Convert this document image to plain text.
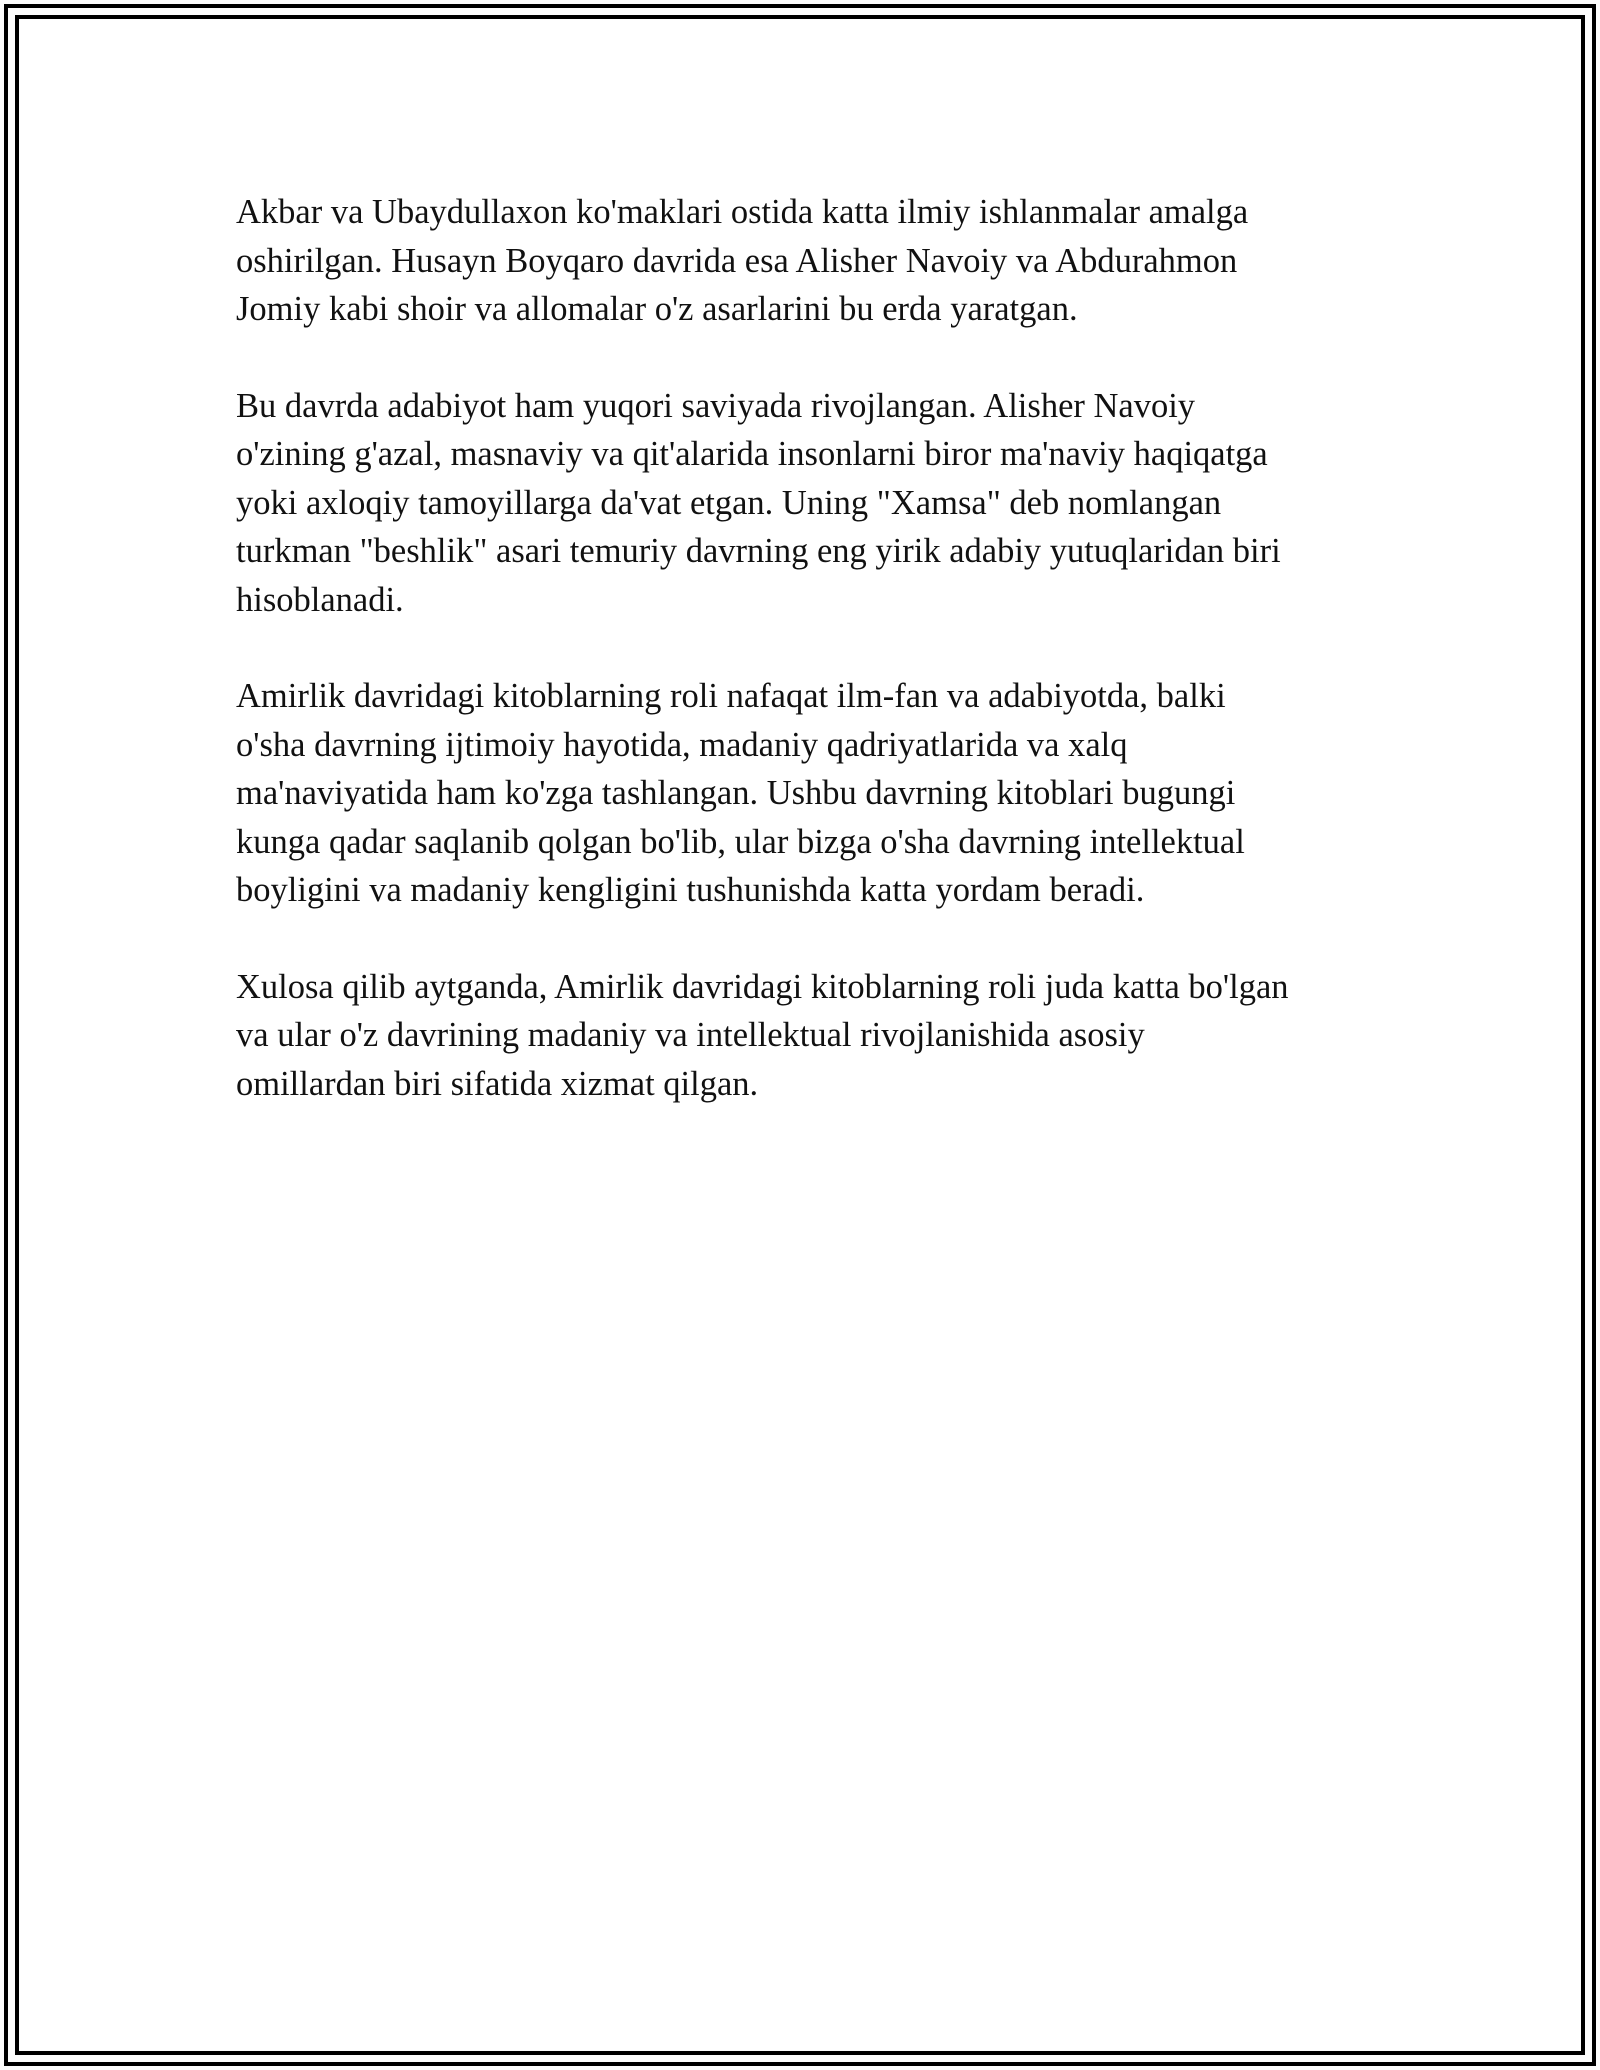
Akbar va Ubaydullaxon ko'maklari ostida katta ilmiy ishlanmalar amalga
oshirilgan. Husayn Boyqaro davrida esa Alisher Navoiy va Abdurahmon
Jomiy kabi shoir va allomalar o'z asarlarini bu erda yaratgan.

Bu davrda adabiyot ham yuqori saviyada rivojlangan. Alisher Navoiy
o'zining g'azal, masnaviy va qit'alarida insonlarni biror ma'naviy haqiqatga
yoki axloqiy tamoyillarga da'vat etgan. Uning "Xamsa" deb nomlangan
turkman "beshlik" asari temuriy davrning eng yirik adabiy yutuqlaridan biri
hisoblanadi.

Amirlik davridagi kitoblarning roli nafaqat ilm-fan va adabiyotda, balki
o'sha davrning ijtimoiy hayotida, madaniy qadriyatlarida va xalq
ma'naviyatida ham ko'zga tashlangan. Ushbu davrning kitoblari bugungi
kunga qadar saqlanib qolgan bo'lib, ular bizga o'sha davrning intellektual
boyligini va madaniy kengligini tushunishda katta yordam beradi.

Xulosa qilib aytganda, Amirlik davridagi kitoblarning roli juda katta bo'lgan
va ular o'z davrining madaniy va intellektual rivojlanishida asosiy
omillardan biri sifatida xizmat qilgan.
